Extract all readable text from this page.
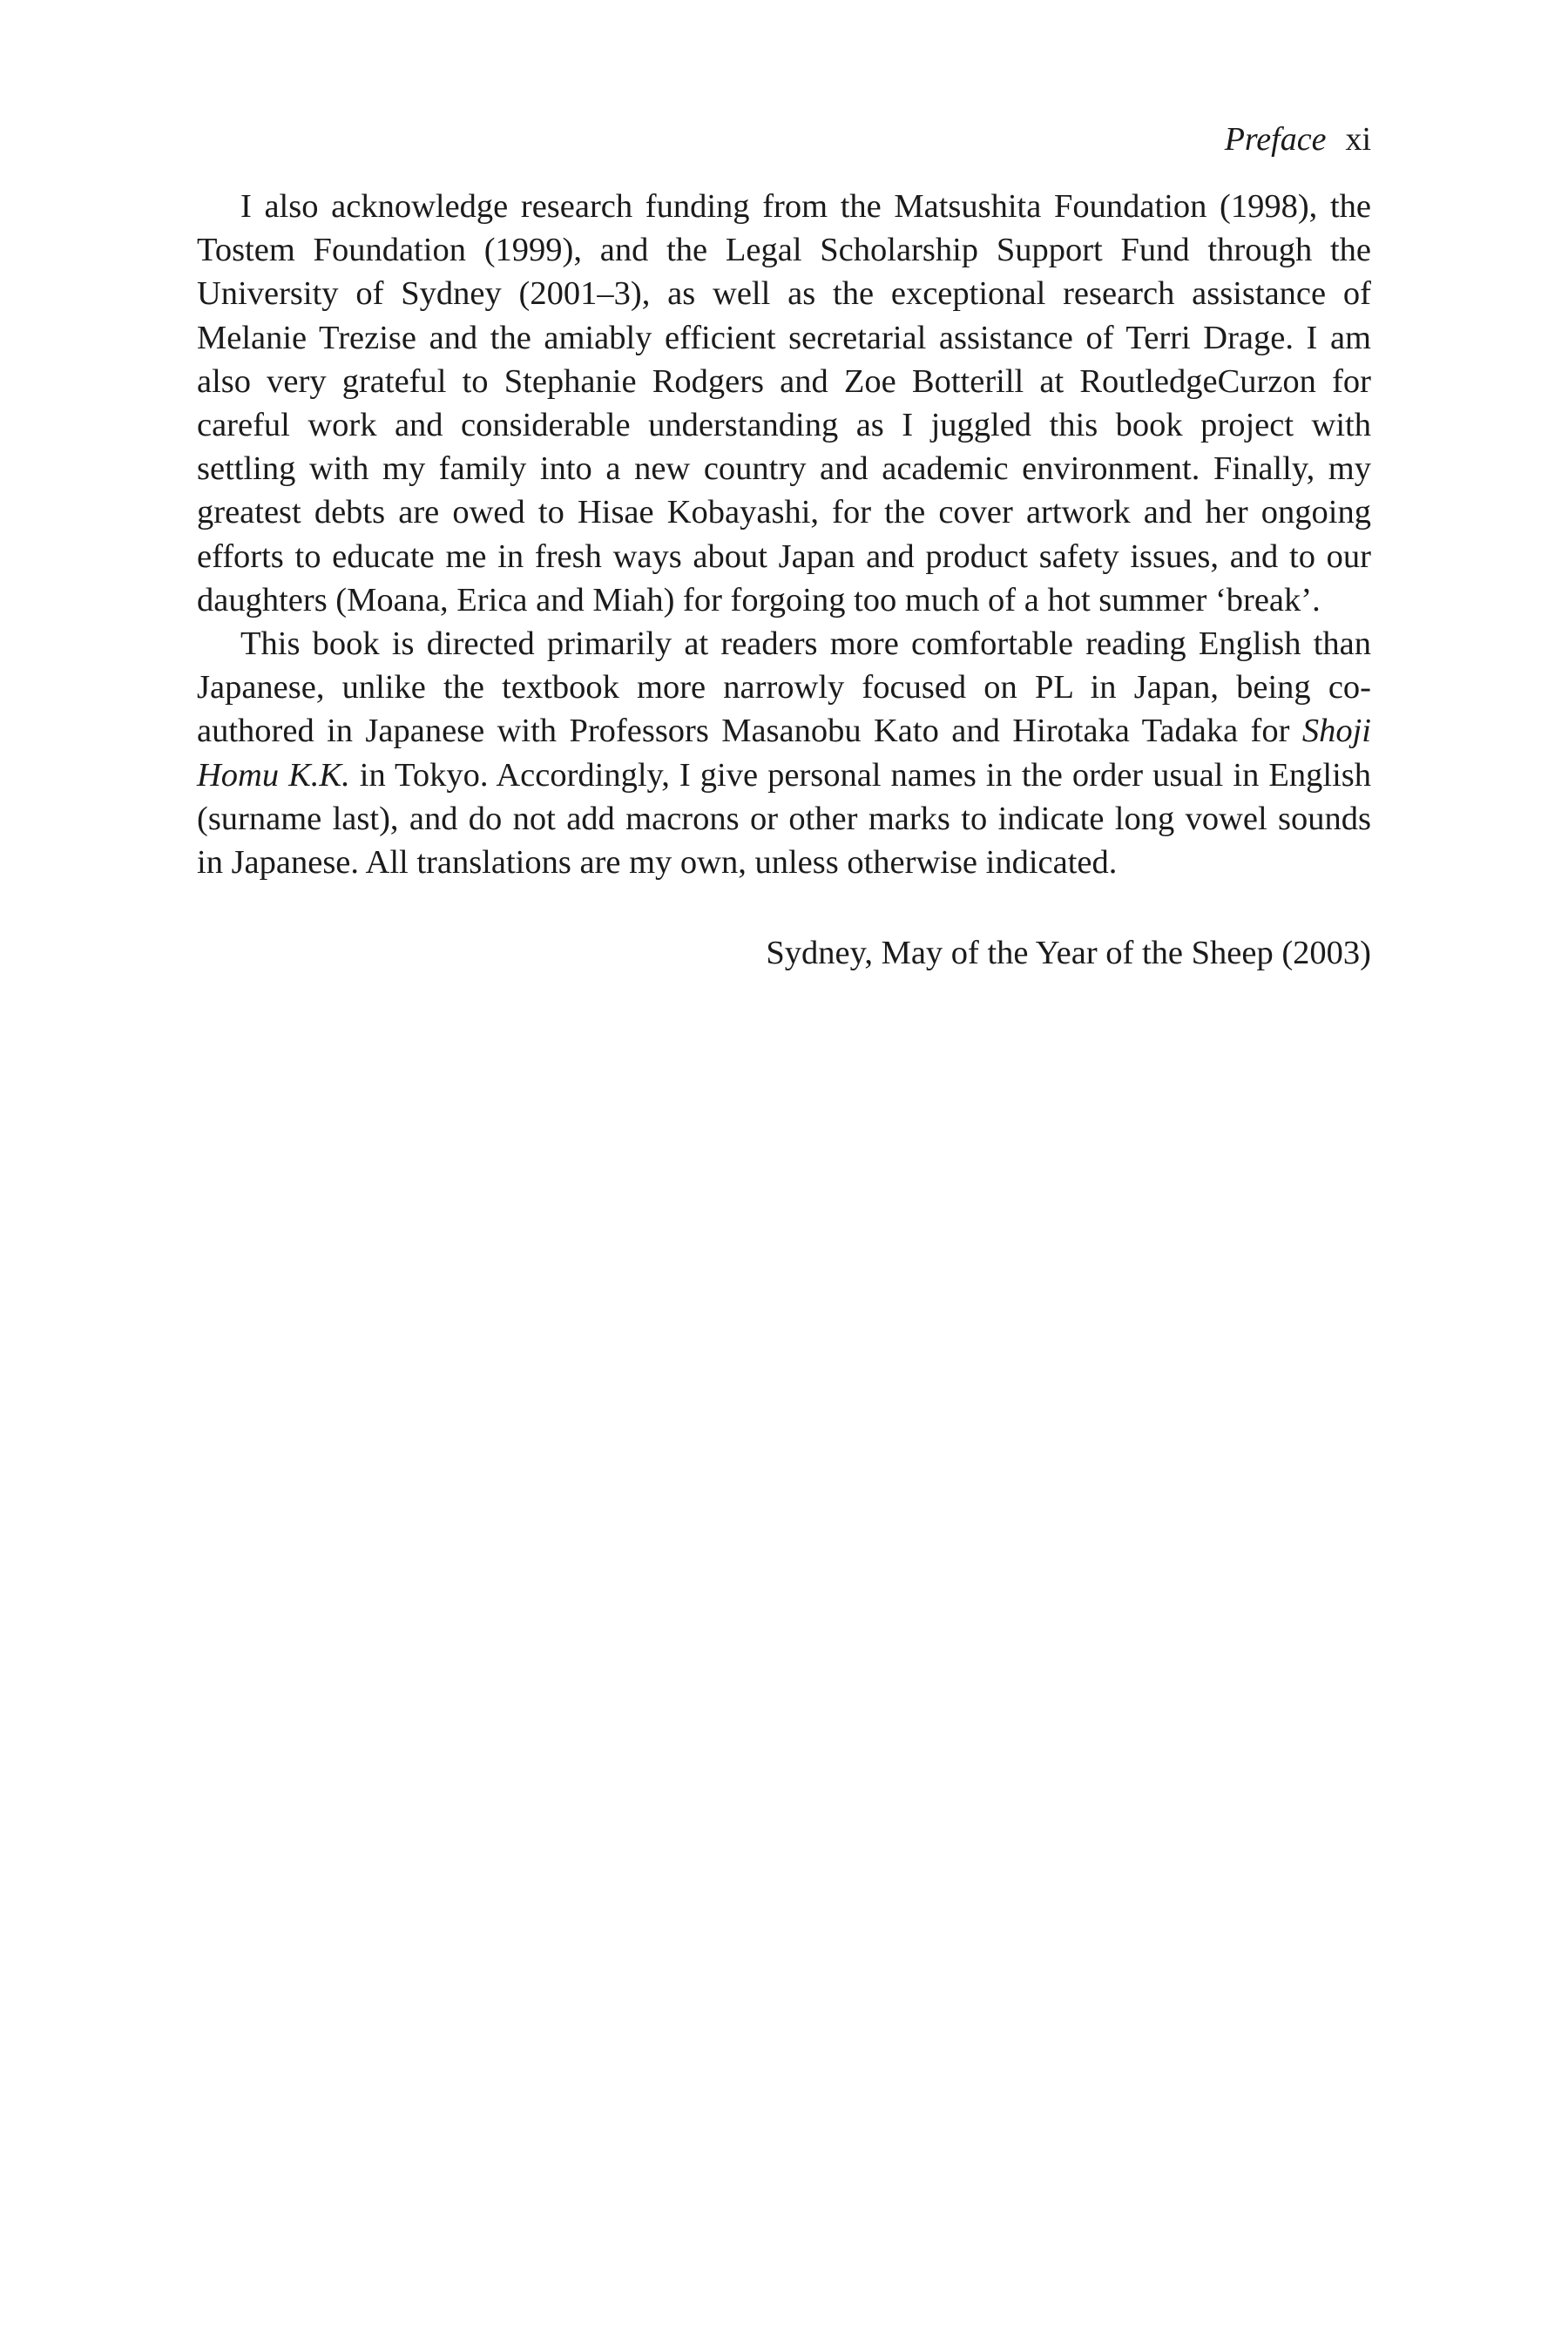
Preface xi

I also acknowledge research funding from the Matsushita Foundation (1998), the Tostem Foundation (1999), and the Legal Scholarship Support Fund through the University of Sydney (2001–3), as well as the exceptional research assistance of Melanie Trezise and the amiably efficient secretarial assistance of Terri Drage. I am also very grateful to Stephanie Rodgers and Zoe Botterill at RoutledgeCurzon for careful work and considerable understanding as I juggled this book project with settling with my family into a new country and academic environment. Finally, my greatest debts are owed to Hisae Kobayashi, for the cover artwork and her ongoing efforts to educate me in fresh ways about Japan and product safety issues, and to our daughters (Moana, Erica and Miah) for forgoing too much of a hot summer ‘break’.

This book is directed primarily at readers more comfortable reading English than Japanese, unlike the textbook more narrowly focused on PL in Japan, being co-authored in Japanese with Professors Masanobu Kato and Hirotaka Tadaka for Shoji Homu K.K. in Tokyo. Accordingly, I give personal names in the order usual in English (surname last), and do not add macrons or other marks to indicate long vowel sounds in Japanese. All translations are my own, unless otherwise indicated.

Sydney, May of the Year of the Sheep (2003)
